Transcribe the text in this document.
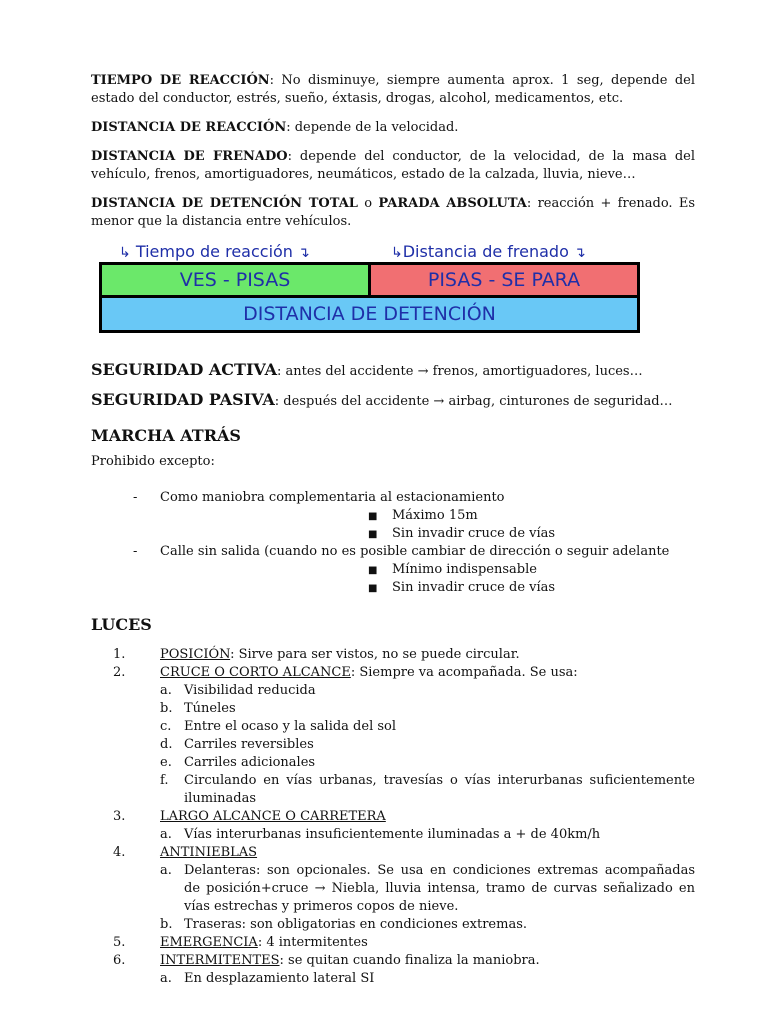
TIEMPO DE REACCIÓN: No disminuye, siempre aumenta aprox. 1 seg, depende del estado del conductor, estrés, sueño, éxtasis, drogas, alcohol, medicamentos, etc.

DISTANCIA DE REACCIÓN: depende de la velocidad.

DISTANCIA DE FRENADO: depende del conductor, de la velocidad, de la masa del vehículo, frenos, amortiguadores, neumáticos, estado de la calzada, lluvia, nieve…

DISTANCIA DE DETENCIÓN TOTAL o PARADA ABSOLUTA: reacción + frenado. Es menor que la distancia entre vehículos.

↳ Tiempo de reacción ↴	↳Distancia de frenado ↴
VES - PISAS	PISAS - SE PARA
DISTANCIA DE DETENCIÓN

SEGURIDAD ACTIVA: antes del accidente → frenos, amortiguadores, luces…

SEGURIDAD PASIVA: después del accidente → airbag, cinturones de seguridad…

MARCHA ATRÁS

Prohibido excepto:

- Como maniobra complementaria al estacionamiento
■ Máximo 15m
■ Sin invadir cruce de vías
- Calle sin salida (cuando no es posible cambiar de dirección o seguir adelante
■ Mínimo indispensable
■ Sin invadir cruce de vías
LUCES
1.	POSICIÓN: Sirve para ser vistos, no se puede circular.
2.	CRUCE O CORTO ALCANCE: Siempre va acompañada. Se usa:
a. Visibilidad reducida
b. Túneles
c. Entre el ocaso y la salida del sol
d. Carriles reversibles
e. Carriles adicionales
f. Circulando en vías urbanas, travesías o vías interurbanas suficientemente iluminadas
3.	LARGO ALCANCE O CARRETERA
a. Vías interurbanas insuficientemente iluminadas a + de 40km/h
4.	ANTINIEBLAS
a. Delanteras: son opcionales. Se usa en condiciones extremas acompañadas de posición+cruce → Niebla, lluvia intensa, tramo de curvas señalizado en vías estrechas y primeros copos de nieve.
b. Traseras: son obligatorias en condiciones extremas.
5.	EMERGENCIA: 4 intermitentes
6.	INTERMITENTES: se quitan cuando finaliza la maniobra.
a. En desplazamiento lateral SI
